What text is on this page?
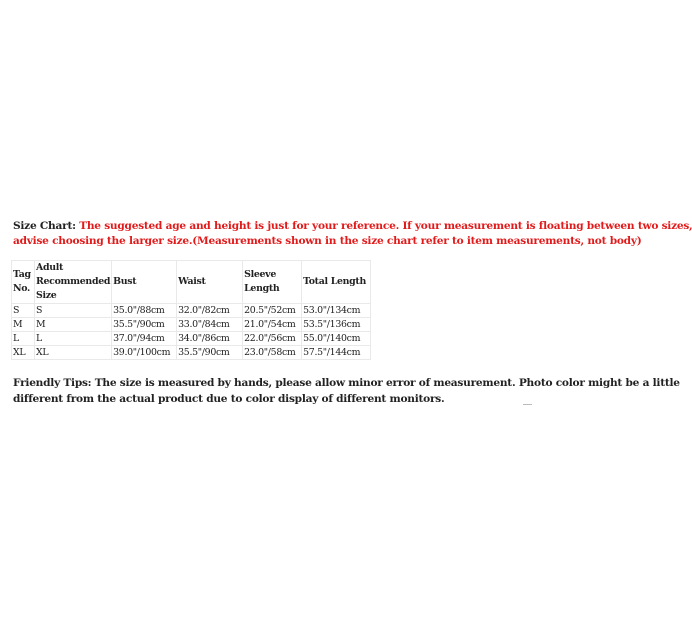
Size Chart: The suggested age and height is just for your reference. If your measurement is floating between two sizes,
advise choosing the larger size.(Measurements shown in the size chart refer to item measurements, not body)
Tag No.	Adult Recommended Size	Bust	Waist	Sleeve Length	Total Length
S	S	35.0"/88cm	32.0"/82cm	20.5"/52cm	53.0"/134cm
M	M	35.5"/90cm	33.0"/84cm	21.0"/54cm	53.5"/136cm
L	L	37.0"/94cm	34.0"/86cm	22.0"/56cm	55.0"/140cm
XL	XL	39.0"/100cm	35.5"/90cm	23.0"/58cm	57.5"/144cm
Friendly Tips: The size is measured by hands, please allow minor error of measurement. Photo color might be a little
different from the actual product due to color display of different monitors.
